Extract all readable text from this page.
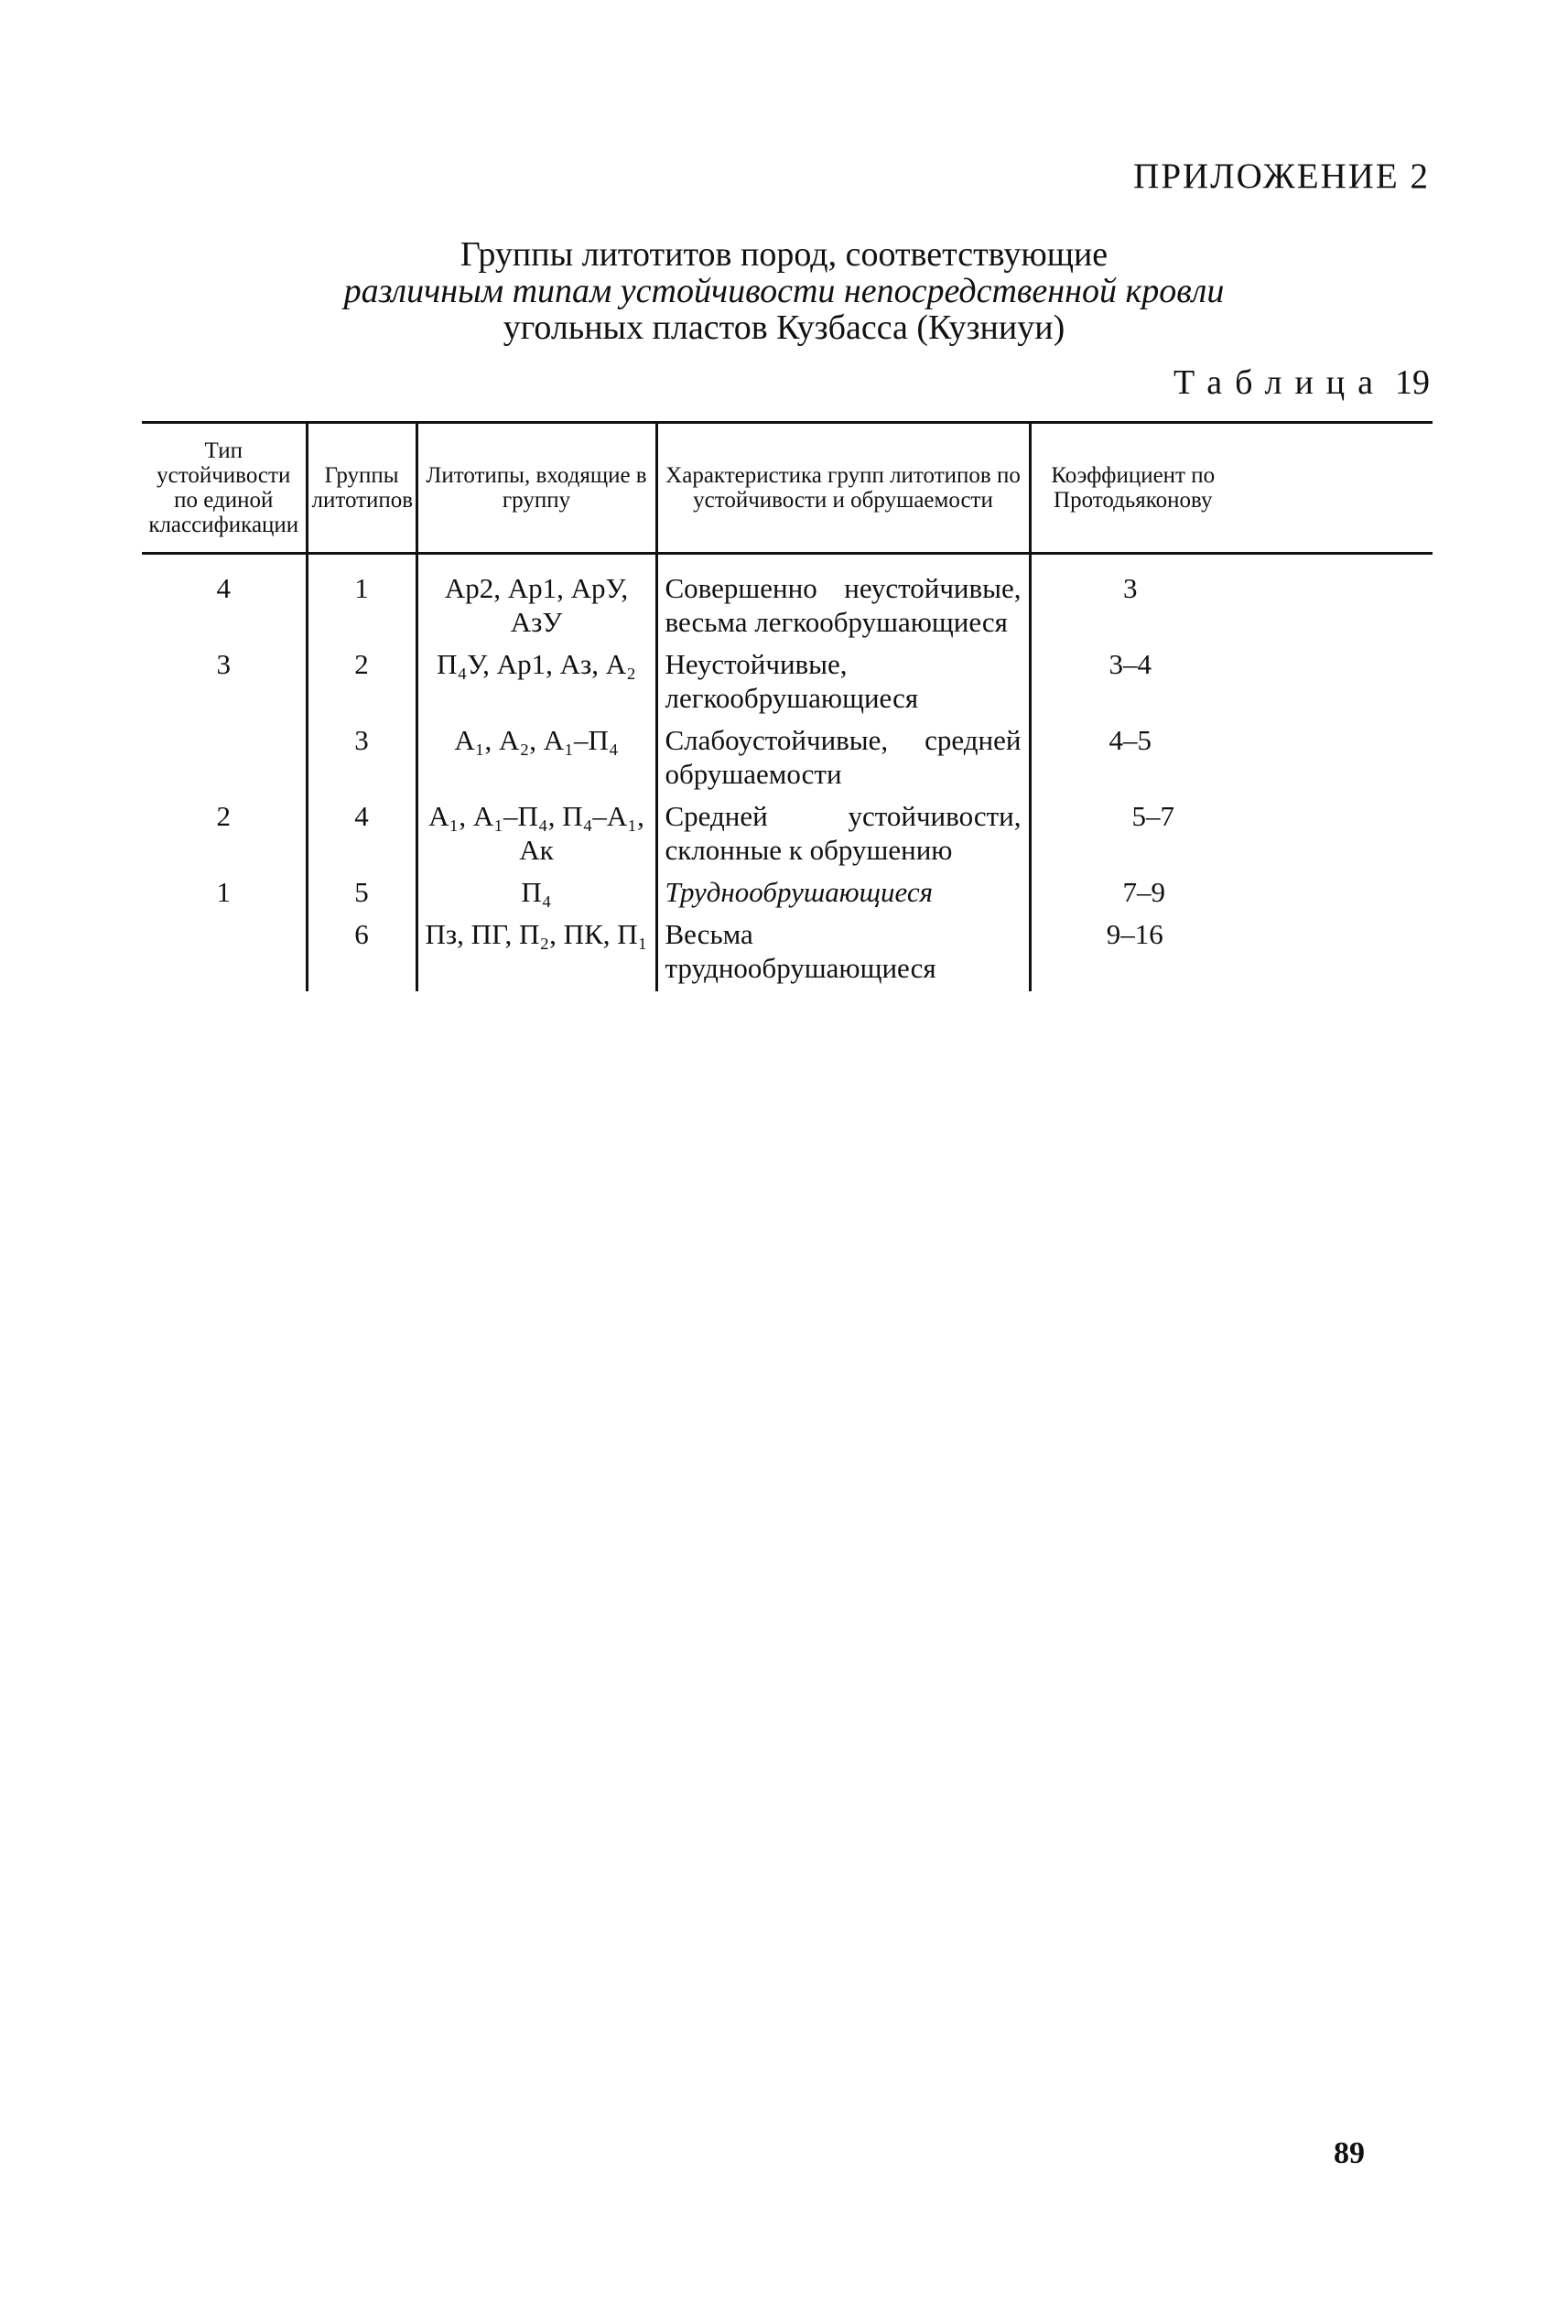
ПРИЛОЖЕНИЕ 2
Группы литотитов пород, соответствующие
различным типам устойчивости непосредственной кровли
угольных пластов Кузбасса (Кузниуи)
Таблица 19
Тип устойчивости по единой классификации	Группы литотипов	Литотипы, входящие в группу	Характеристика групп литотипов по устойчивости и обрушаемости	Коэффициент по Протодьяконову
4	1	Ар2, Ар1, АрУ, АзУ	Совершенно неустойчивые, весьма легкообрушающиеся	3
3	2	П₄У, Ар1, Аз, А₂	Неустойчивые, легкообрушающиеся	3–4
	3	А₁, А₂, А₁–П₄	Слабоустойчивые, средней обрушаемости	4–5
2	4	А₁, А₁–П₄, П₄–А₁, Ак	Средней устойчивости, склонные к обрушению	5–7
1	5	П₄	Труднообрушающиеся	7–9
	6	Пз, ПГ, П₂, ПК, П₁	Весьма труднообрушающиеся	9–16
89
